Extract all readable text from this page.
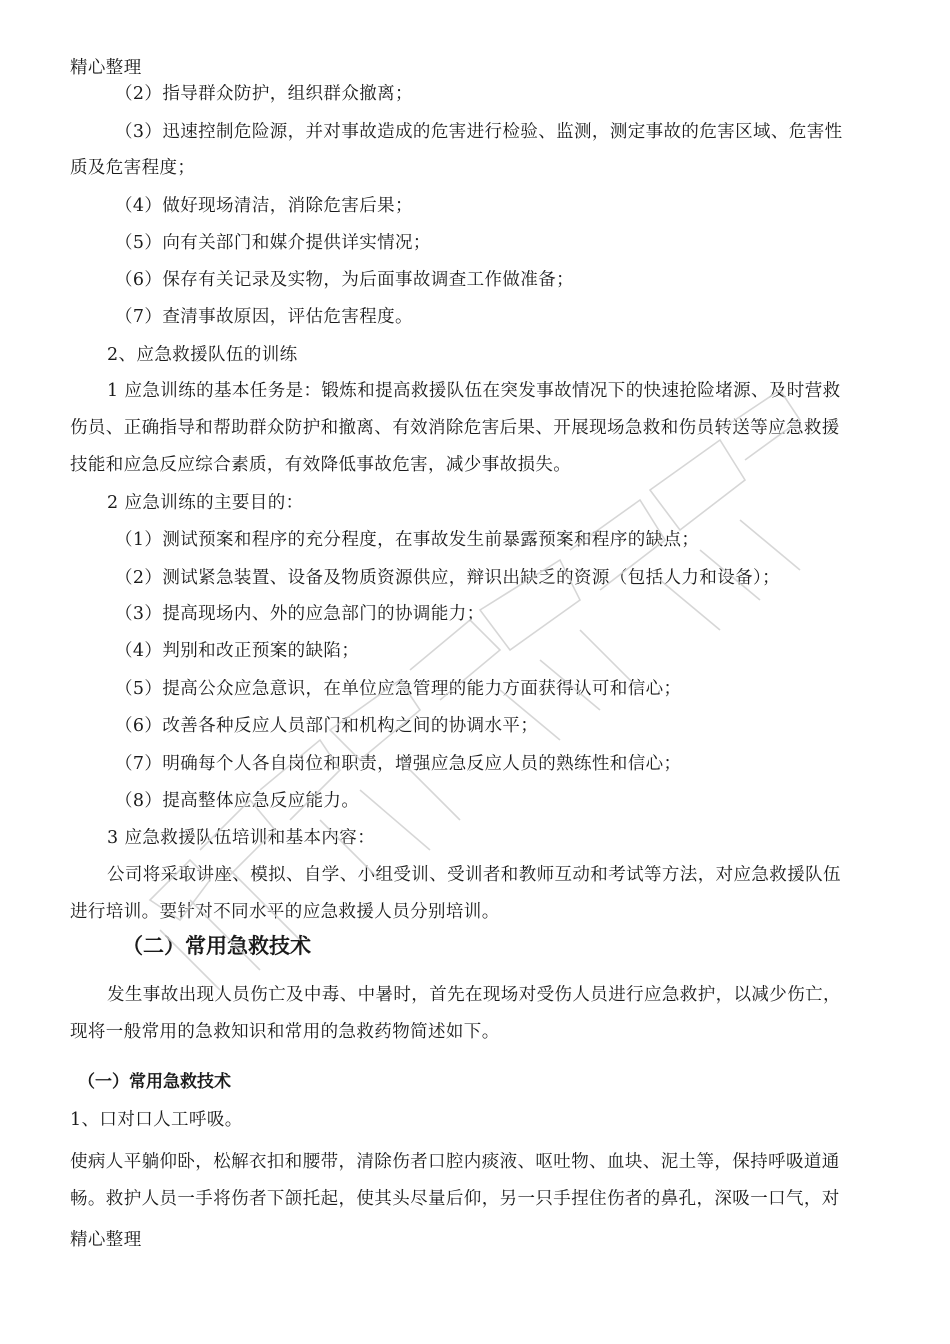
精心整理
（2）指导群众防护，组织群众撤离；
（3）迅速控制危险源，并对事故造成的危害进行检验、监测，测定事故的危害区域、危害性
质及危害程度；
（4）做好现场清洁，消除危害后果；
（5）向有关部门和媒介提供详实情况；
（6）保存有关记录及实物，为后面事故调查工作做准备；
（7）查清事故原因，评估危害程度。
2、应急救援队伍的训练
1 应急训练的基本任务是：锻炼和提高救援队伍在突发事故情况下的快速抢险堵源、及时营救
伤员、正确指导和帮助群众防护和撤离、有效消除危害后果、开展现场急救和伤员转送等应急救援
技能和应急反应综合素质，有效降低事故危害，减少事故损失。
2 应急训练的主要目的：
（1）测试预案和程序的充分程度，在事故发生前暴露预案和程序的缺点；
（2）测试紧急装置、设备及物质资源供应，辩识出缺乏的资源（包括人力和设备）；
（3）提高现场内、外的应急部门的协调能力；
（4）判别和改正预案的缺陷；
（5）提高公众应急意识，在单位应急管理的能力方面获得认可和信心；
（6）改善各种反应人员部门和机构之间的协调水平；
（7）明确每个人各自岗位和职责，增强应急反应人员的熟练性和信心；
（8）提高整体应急反应能力。
3 应急救援队伍培训和基本内容：
公司将采取讲座、模拟、自学、小组受训、受训者和教师互动和考试等方法，对应急救援队伍
进行培训。要针对不同水平的应急救援人员分别培训。
（二）常用急救技术
发生事故出现人员伤亡及中毒、中暑时，首先在现场对受伤人员进行应急救护，以减少伤亡，
现将一般常用的急救知识和常用的急救药物简述如下。
（一）常用急救技术
1、口对口人工呼吸。
使病人平躺仰卧，松解衣扣和腰带，清除伤者口腔内痰液、呕吐物、血块、泥土等，保持呼吸道通
畅。救护人员一手将伤者下颌托起，使其头尽量后仰，另一只手捏住伤者的鼻孔，深吸一口气，对
精心整理
